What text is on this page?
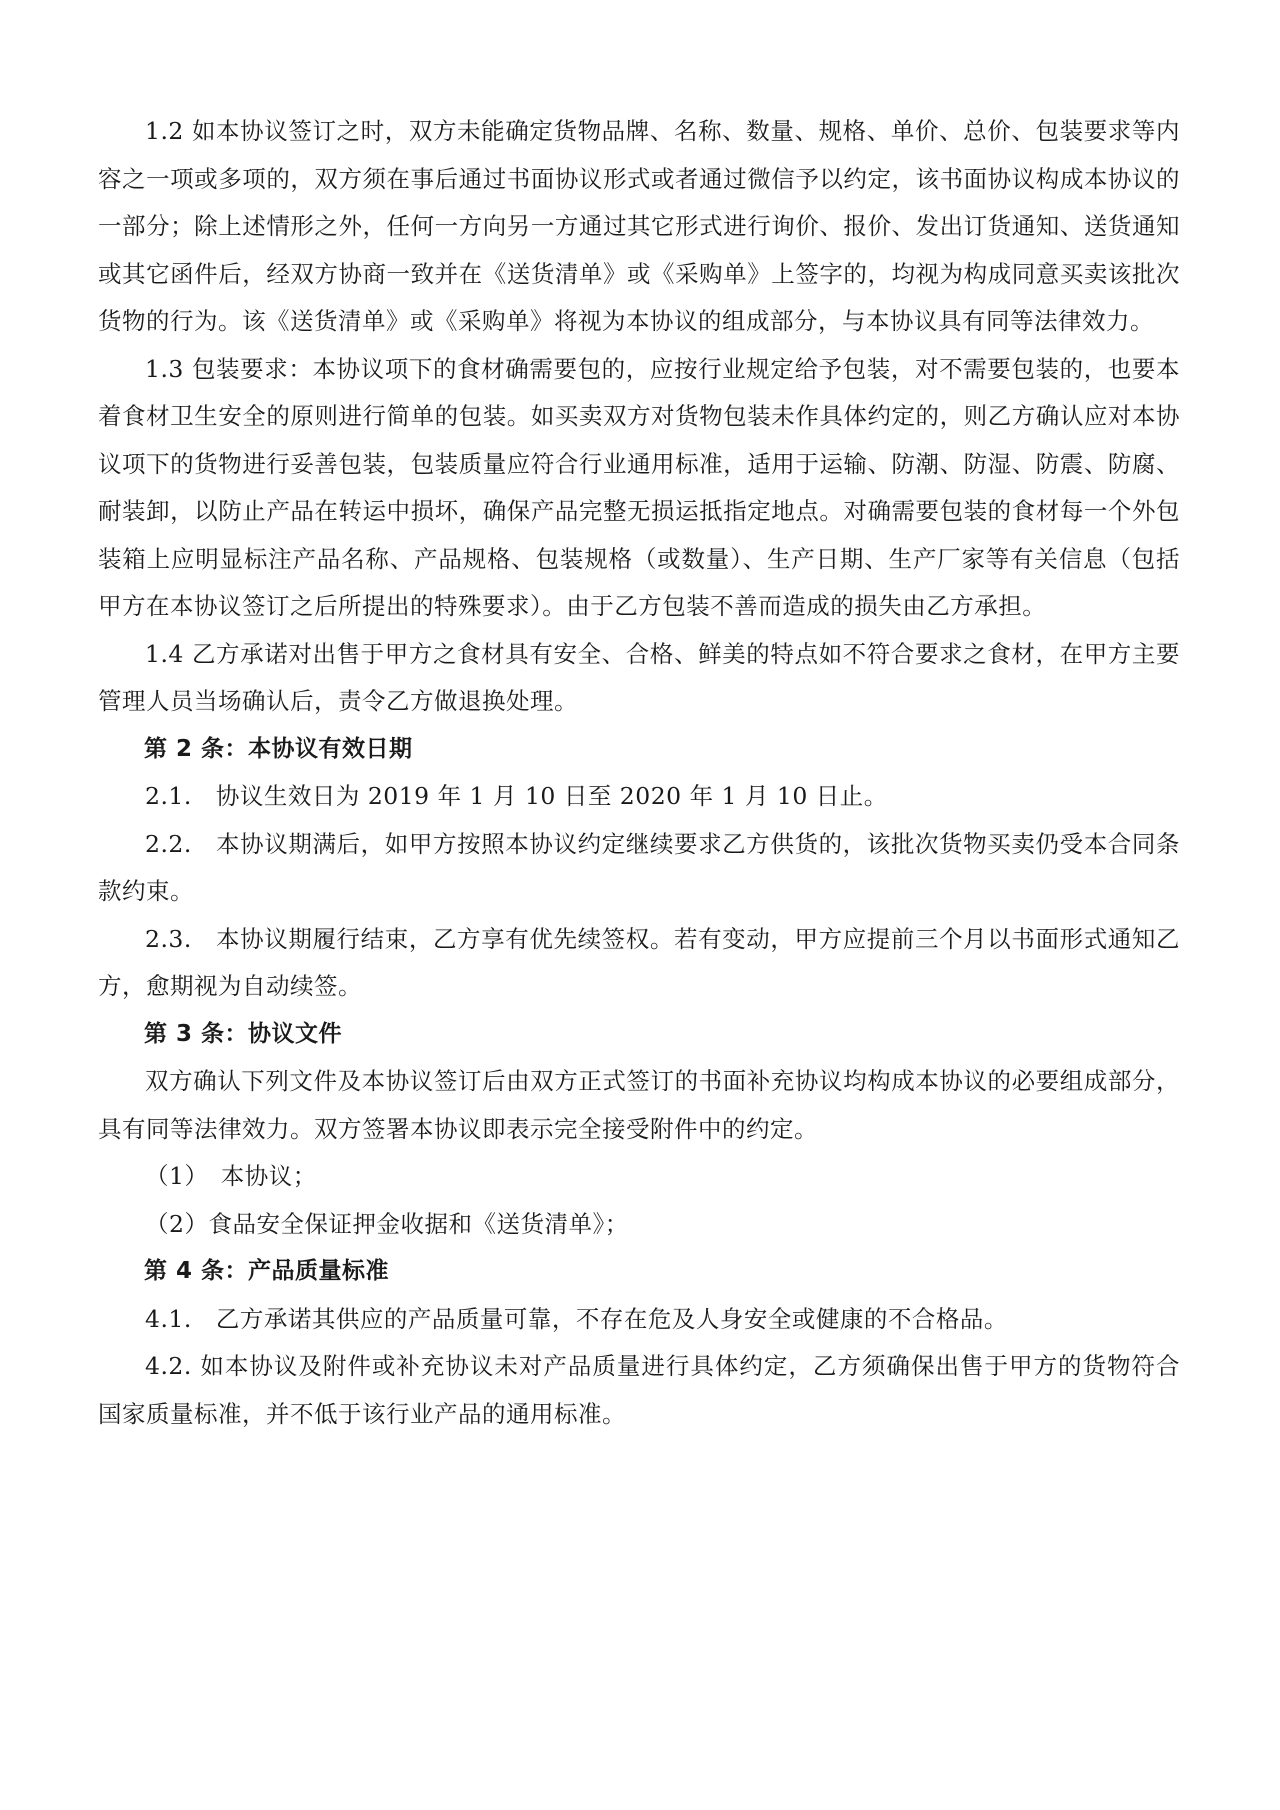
1.2 如本协议签订之时，双方未能确定货物品牌、名称、数量、规格、单价、总价、包装要求等内容之一项或多项的，双方须在事后通过书面协议形式或者通过微信予以约定，该书面协议构成本协议的一部分；除上述情形之外，任何一方向另一方通过其它形式进行询价、报价、发出订货通知、送货通知或其它函件后，经双方协商一致并在《送货清单》或《采购单》上签字的，均视为构成同意买卖该批次货物的行为。该《送货清单》或《采购单》将视为本协议的组成部分，与本协议具有同等法律效力。

1.3 包装要求：本协议项下的食材确需要包的，应按行业规定给予包装，对不需要包装的，也要本着食材卫生安全的原则进行简单的包装。如买卖双方对货物包装未作具体约定的，则乙方确认应对本协议项下的货物进行妥善包装，包装质量应符合行业通用标准，适用于运输、防潮、防湿、防震、防腐、耐装卸，以防止产品在转运中损坏，确保产品完整无损运抵指定地点。对确需要包装的食材每一个外包装箱上应明显标注产品名称、产品规格、包装规格（或数量）、生产日期、生产厂家等有关信息（包括甲方在本协议签订之后所提出的特殊要求）。由于乙方包装不善而造成的损失由乙方承担。

1.4 乙方承诺对出售于甲方之食材具有安全、合格、鲜美的特点如不符合要求之食材，在甲方主要管理人员当场确认后，责令乙方做退换处理。

第 2 条：本协议有效日期

2.1.　协议生效日为 2019 年 1 月 10 日至 2020 年 1 月 10 日止。

2.2.　本协议期满后，如甲方按照本协议约定继续要求乙方供货的，该批次货物买卖仍受本合同条款约束。

2.3.　本协议期履行结束，乙方享有优先续签权。若有变动，甲方应提前三个月以书面形式通知乙方，愈期视为自动续签。

第 3 条：协议文件

双方确认下列文件及本协议签订后由双方正式签订的书面补充协议均构成本协议的必要组成部分，具有同等法律效力。双方签署本协议即表示完全接受附件中的约定。

（1）　本协议；

（2）食品安全保证押金收据和《送货清单》；

第 4 条：产品质量标准

4.1.　乙方承诺其供应的产品质量可靠，不存在危及人身安全或健康的不合格品。

4.2. 如本协议及附件或补充协议未对产品质量进行具体约定，乙方须确保出售于甲方的货物符合国家质量标准，并不低于该行业产品的通用标准。
